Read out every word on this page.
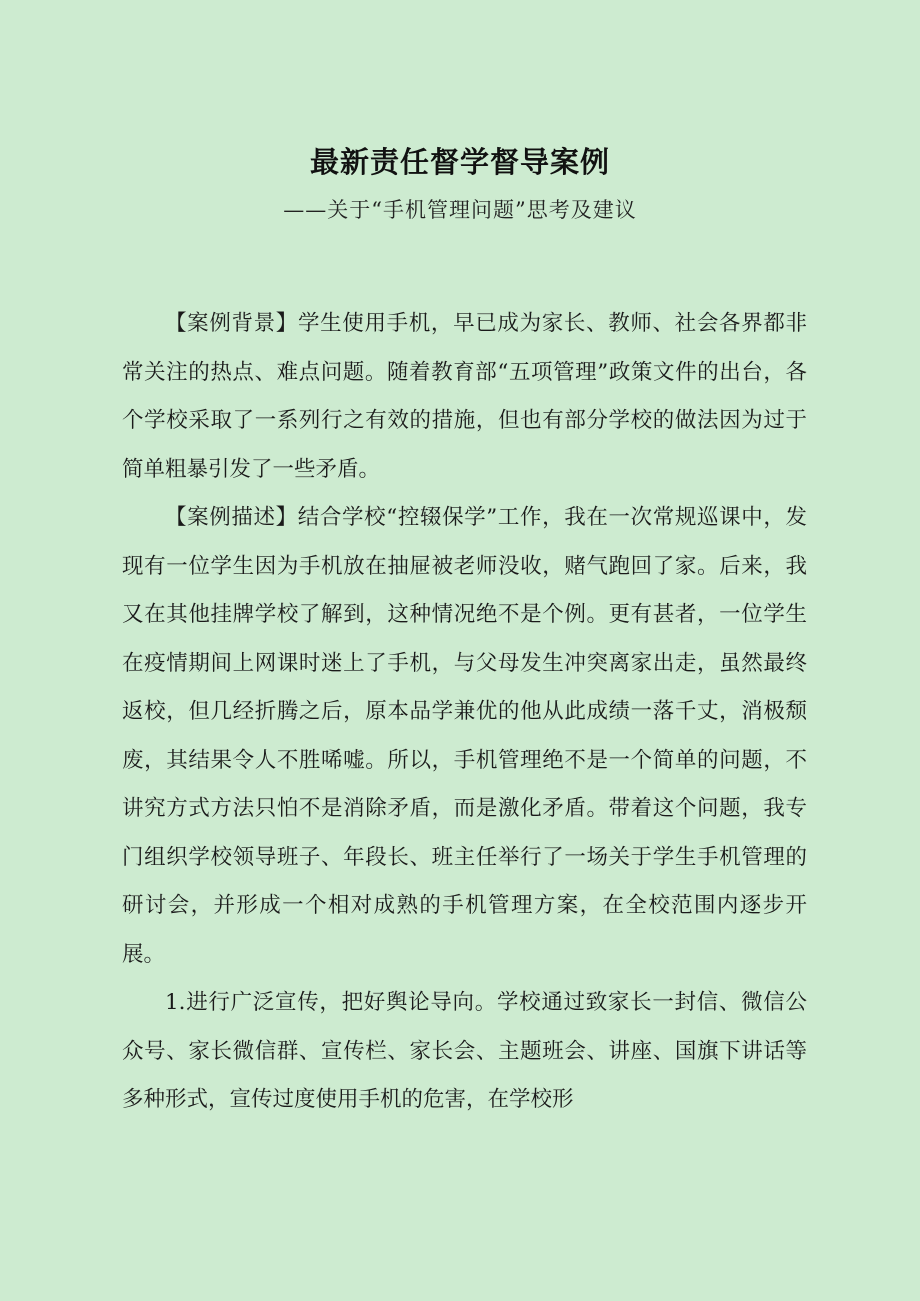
最新责任督学督导案例
——关于“手机管理问题”思考及建议

【案例背景】学生使用手机，早已成为家长、教师、社会各界都非常关注的热点、难点问题。随着教育部“五项管理”政策文件的出台，各个学校采取了一系列行之有效的措施，但也有部分学校的做法因为过于简单粗暴引发了一些矛盾。

【案例描述】结合学校“控辍保学”工作，我在一次常规巡课中，发现有一位学生因为手机放在抽屉被老师没收，赌气跑回了家。后来，我又在其他挂牌学校了解到，这种情况绝不是个例。更有甚者，一位学生在疫情期间上网课时迷上了手机，与父母发生冲突离家出走，虽然最终返校，但几经折腾之后，原本品学兼优的他从此成绩一落千丈，消极颓废，其结果令人不胜唏嘘。所以，手机管理绝不是一个简单的问题，不讲究方式方法只怕不是消除矛盾，而是激化矛盾。带着这个问题，我专门组织学校领导班子、年段长、班主任举行了一场关于学生手机管理的研讨会，并形成一个相对成熟的手机管理方案，在全校范围内逐步开展。

1.进行广泛宣传，把好舆论导向。学校通过致家长一封信、微信公众号、家长微信群、宣传栏、家长会、主题班会、讲座、国旗下讲话等多种形式，宣传过度使用手机的危害，在学校形
